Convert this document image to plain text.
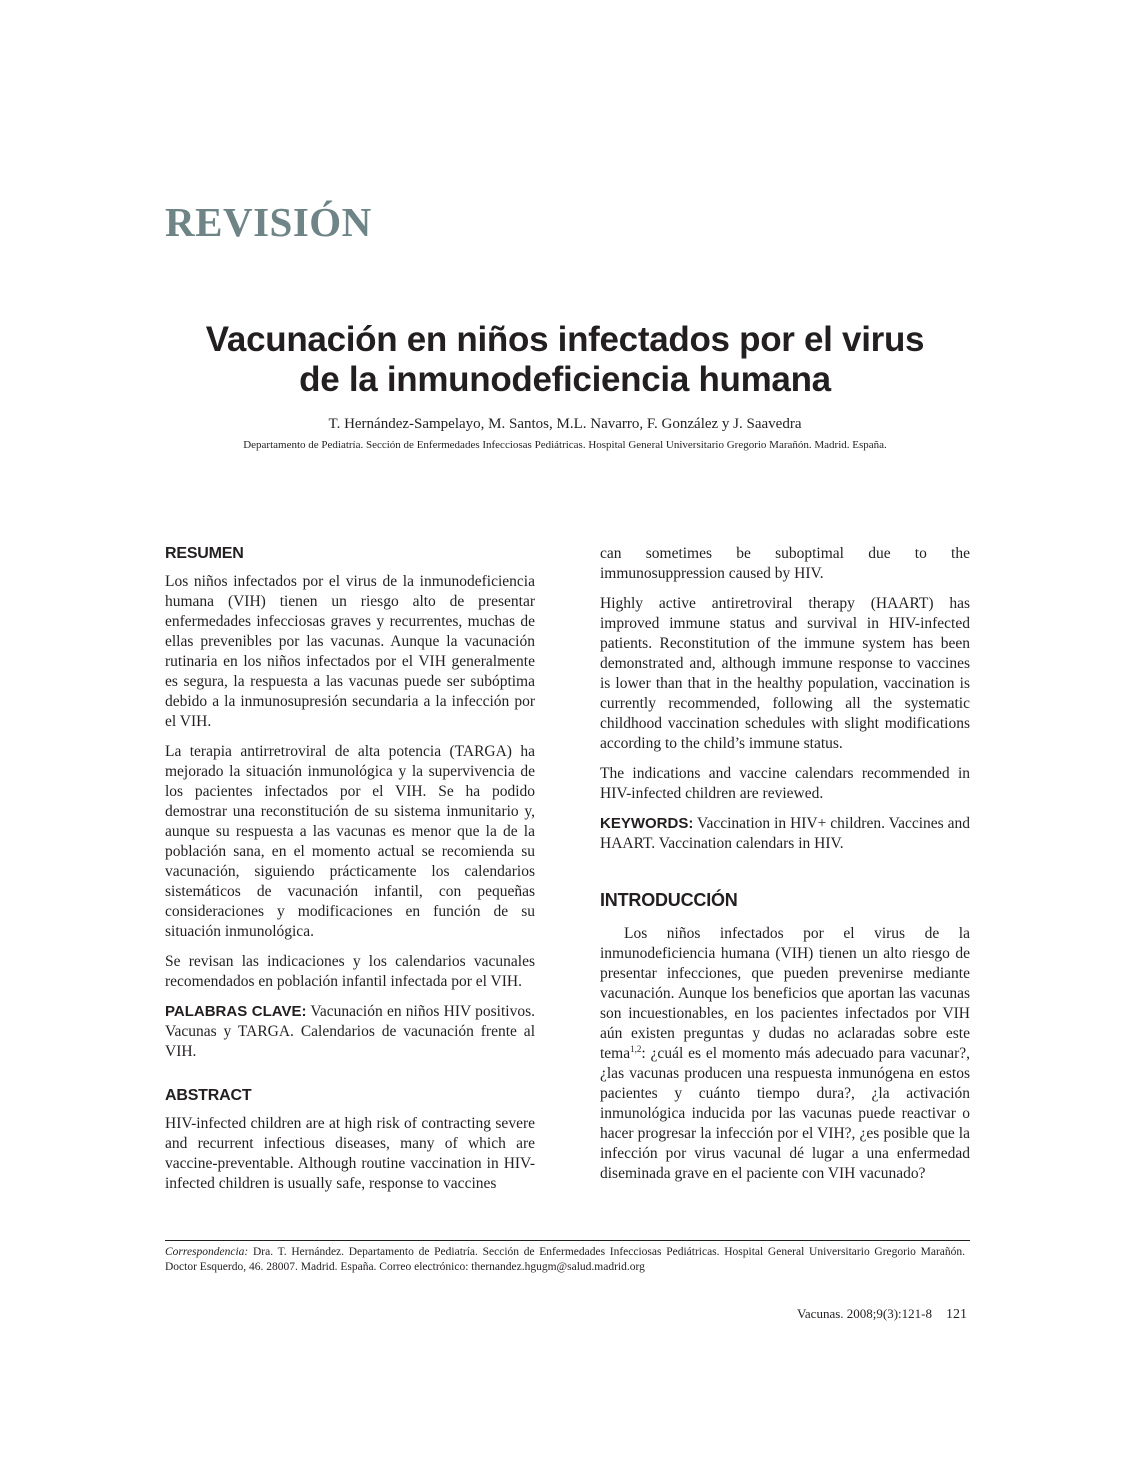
REVISIÓN
Vacunación en niños infectados por el virus
de la inmunodeficiencia humana
T. Hernández-Sampelayo, M. Santos, M.L. Navarro, F. González y J. Saavedra
Departamento de Pediatría. Sección de Enfermedades Infecciosas Pediátricas. Hospital General Universitario Gregorio Marañón. Madrid. España.
RESUMEN

Los niños infectados por el virus de la inmunodeficiencia humana (VIH) tienen un riesgo alto de presentar enfermedades infecciosas graves y recurrentes, muchas de ellas prevenibles por las vacunas. Aunque la vacunación rutinaria en los niños infectados por el VIH generalmente es segura, la respuesta a las vacunas puede ser subóptima debido a la inmunosupresión secundaria a la infección por el VIH.

La terapia antirretroviral de alta potencia (TARGA) ha mejorado la situación inmunológica y la supervivencia de los pacientes infectados por el VIH. Se ha podido demostrar una reconstitución de su sistema inmunitario y, aunque su respuesta a las vacunas es menor que la de la población sana, en el momento actual se recomienda su vacunación, siguiendo prácticamente los calendarios sistemáticos de vacunación infantil, con pequeñas consideraciones y modificaciones en función de su situación inmunológica.

Se revisan las indicaciones y los calendarios vacunales recomendados en población infantil infectada por el VIH.

PALABRAS CLAVE: Vacunación en niños HIV positivos. Vacunas y TARGA. Calendarios de vacunación frente al VIH.

ABSTRACT

HIV-infected children are at high risk of contracting severe and recurrent infectious diseases, many of which are vaccine-preventable. Although routine vaccination in HIV-infected children is usually safe, response to vaccines

can sometimes be suboptimal due to the immunosuppression caused by HIV.

Highly active antiretroviral therapy (HAART) has improved immune status and survival in HIV-infected patients. Reconstitution of the immune system has been demonstrated and, although immune response to vaccines is lower than that in the healthy population, vaccination is currently recommended, following all the systematic childhood vaccination schedules with slight modifications according to the child’s immune status.

The indications and vaccine calendars recommended in HIV-infected children are reviewed.

KEYWORDS: Vaccination in HIV+ children. Vaccines and HAART. Vaccination calendars in HIV.

INTRODUCCIÓN

Los niños infectados por el virus de la inmunodeficiencia humana (VIH) tienen un alto riesgo de presentar infecciones, que pueden prevenirse mediante vacunación. Aunque los beneficios que aportan las vacunas son incuestionables, en los pacientes infectados por VIH aún existen preguntas y dudas no aclaradas sobre este tema$^{1,2}$: ¿cuál es el momento más adecuado para vacunar?, ¿las vacunas producen una respuesta inmunógena en estos pacientes y cuánto tiempo dura?, ¿la activación inmunológica inducida por las vacunas puede reactivar o hacer progresar la infección por el VIH?, ¿es posible que la infección por virus vacunal dé lugar a una enfermedad diseminada grave en el paciente con VIH vacunado?

Correspondencia: Dra. T. Hernández. Departamento de Pediatría. Sección de Enfermedades Infecciosas Pediátricas. Hospital General Universitario Gregorio Marañón. Doctor Esquerdo, 46. 28007. Madrid. España. Correo electrónico: thernandez.hgugm@salud.madrid.org
Vacunas. 2008;9(3):121-8 121
